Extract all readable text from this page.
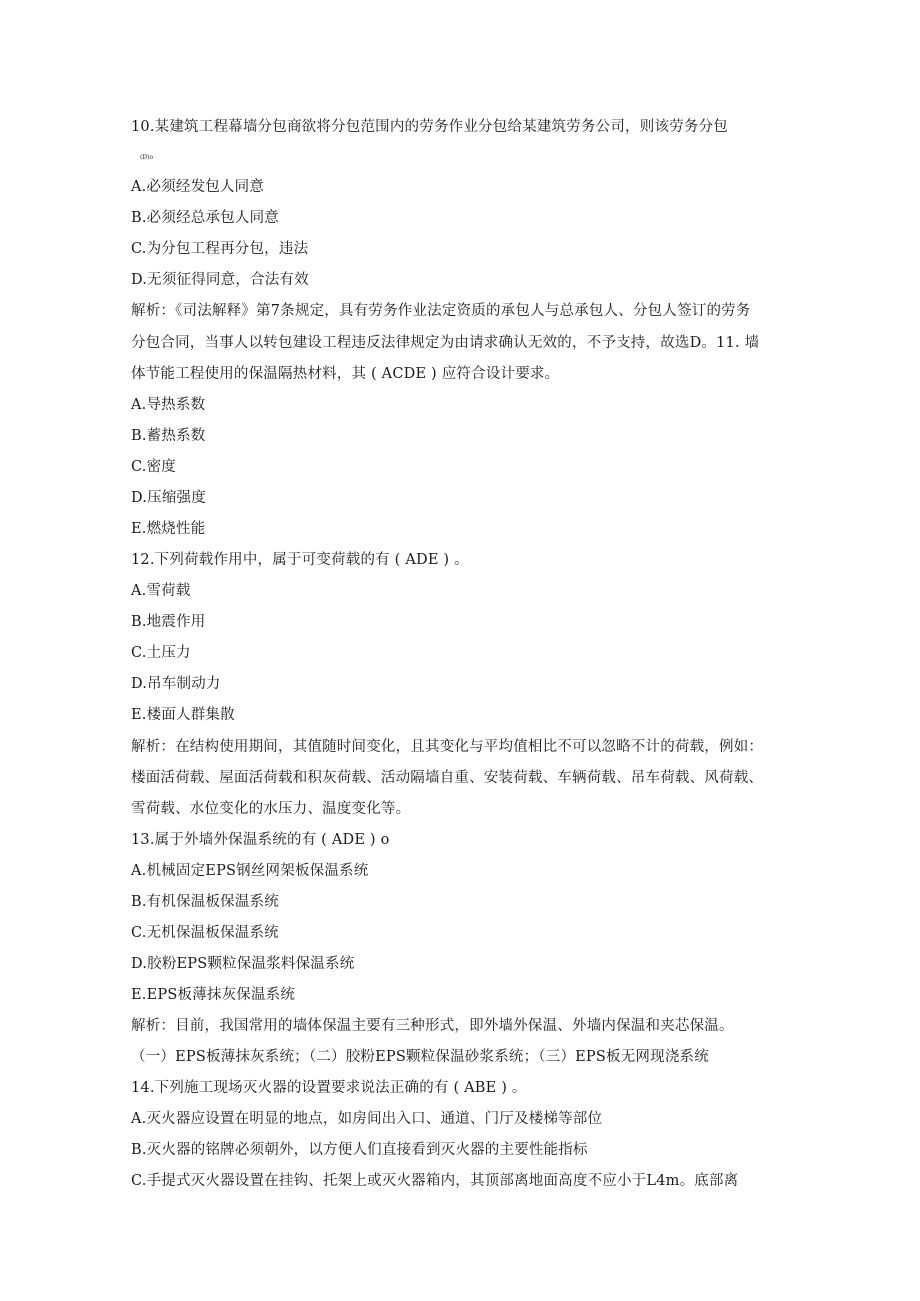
10.某建筑工程幕墙分包商欲将分包范围内的劳务作业分包给某建筑劳务公司，则该劳务分包
(D)o
A.必须经发包人同意
B.必须经总承包人同意
C.为分包工程再分包，违法
D.无须征得同意，合法有效
解析：《司法解释》第7条规定，具有劳务作业法定资质的承包人与总承包人、分包人签订的劳务
分包合同，当事人以转包建设工程违反法律规定为由请求确认无效的，不予支持，故选D。11. 墙
体节能工程使用的保温隔热材料，其 ( ACDE ) 应符合设计要求。
A.导热系数
B.蓄热系数
C.密度
D.压缩强度
E.燃烧性能
12.下列荷载作用中，属于可变荷载的有 ( ADE ) 。
A.雪荷载
B.地震作用
C.土压力
D.吊车制动力
E.楼面人群集散
解析：在结构使用期间，其值随时间变化，且其变化与平均值相比不可以忽略不计的荷载，例如：
楼面活荷载、屋面活荷载和积灰荷载、活动隔墙自重、安装荷载、车辆荷载、吊车荷载、风荷载、
雪荷载、水位变化的水压力、温度变化等。
13.属于外墙外保温系统的有 ( ADE ) o
A.机械固定EPS钢丝网架板保温系统
B.有机保温板保温系统
C.无机保温板保温系统
D.胶粉EPS颗粒保温浆料保温系统
E.EPS板薄抹灰保温系统
解析：目前，我国常用的墙体保温主要有三种形式，即外墙外保温、外墙内保温和夹芯保温。
（一）EPS板薄抹灰系统；（二）胶粉EPS颗粒保温砂浆系统；（三）EPS板无网现浇系统
14.下列施工现场灭火器的设置要求说法正确的有 ( ABE ) 。
A.灭火器应设置在明显的地点，如房间出入口、通道、门厅及楼梯等部位
B.灭火器的铭牌必须朝外，以方便人们直接看到灭火器的主要性能指标
C.手提式灭火器设置在挂钩、托架上或灭火器箱内，其顶部离地面高度不应小于L4m。底部离
